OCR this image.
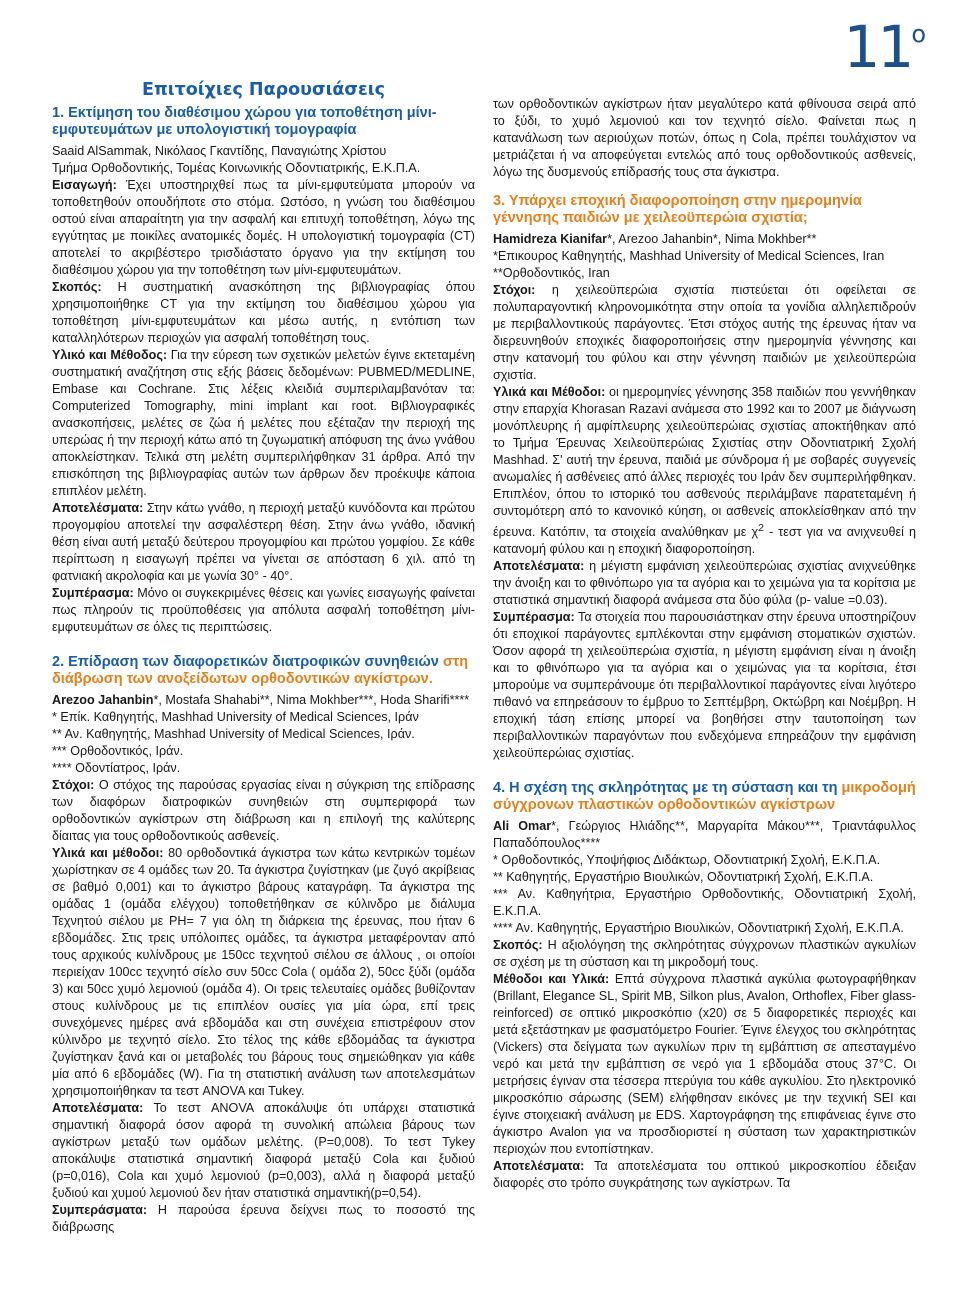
$11^o$
Επιτοίχιες Παρουσιάσεις
1. Εκτίμηση του διαθέσιμου χώρου για τοποθέτηση μίνι-εμφυτευμάτων με υπολογιστική τομογραφία

Saaid AlSammak, Νικόλαος Γκαντίδης, Παναγιώτης Χρίστου

Τμήμα Ορθοδοντικής, Τομέας Κοινωνικής Οδοντιατρικής, Ε.Κ.Π.Α.

Εισαγωγή: Έχει υποστηριχθεί πως τα μίνι-εμφυτεύματα μπορούν να τοποθετηθούν οπουδήποτε στο στόμα. Ωστόσο, η γνώση του διαθέσιμου οστού είναι απαραίτητη για την ασφαλή και επιτυχή τοποθέτηση, λόγω της εγγύτητας με ποικίλες ανατομικές δομές. Η υπολογιστική τομογραφία (CT) αποτελεί το ακριβέστερο τρισδιάστατο όργανο για την εκτίμηση του διαθέσιμου χώρου για την τοποθέτηση των μίνι-εμφυτευμάτων.

Σκοπός: Η συστηματική ανασκόπηση της βιβλιογραφίας όπου χρησιμοποιήθηκε CT για την εκτίμηση του διαθέσιμου χώρου για τοποθέτηση μίνι-εμφυτευμάτων και μέσω αυτής, η εντόπιση των καταλληλότερων περιοχών για ασφαλή τοποθέτηση τους.

Υλικό και Μέθοδος: Για την εύρεση των σχετικών μελετών έγινε εκτεταμένη συστηματική αναζήτηση στις εξής βάσεις δεδομένων: PUBMED/MEDLINE, Embase και Cochrane. Στις λέξεις κλειδιά συμπεριλαμβανόταν τα: Computerized Tomography, mini implant και root. Βιβλιογραφικές ανασκοπήσεις, μελέτες σε ζώα ή μελέτες που εξέταζαν την περιοχή της υπερώας ή την περιοχή κάτω από τη ζυγωματική απόφυση της άνω γνάθου αποκλείστηκαν. Τελικά στη μελέτη συμπεριλήφθηκαν 31 άρθρα. Από την επισκόπηση της βιβλιογραφίας αυτών των άρθρων δεν προέκυψε κάποια επιπλέον μελέτη.

Αποτελέσματα: Στην κάτω γνάθο, η περιοχή μεταξύ κυνόδοντα και πρώτου προγομφίου αποτελεί την ασφαλέστερη θέση. Στην άνω γνάθο, ιδανική θέση είναι αυτή μεταξύ δεύτερου προγομφίου και πρώτου γομφίου. Σε κάθε περίπτωση η εισαγωγή πρέπει να γίνεται σε απόσταση 6 χιλ. από τη φατνιακή ακρολοφία και με γωνία 30° - 40°.

Συμπέρασμα: Μόνο οι συγκεκριμένες θέσεις και γωνίες εισαγωγής φαίνεται πως πληρούν τις προϋποθέσεις για απόλυτα ασφαλή τοποθέτηση μίνι-εμφυτευμάτων σε όλες τις περιπτώσεις.

2. Επίδραση των διαφορετικών διατροφικών συνηθειών στη διάβρωση των ανοξείδωτων ορθοδοντικών αγκίστρων.

Arezoo Jahanbin*, Mostafa Shahabi**, Nima Mokhber***, Hoda Sharifi****

* Επίκ. Καθηγητής, Mashhad University of Medical Sciences, Ιράν

** Αν. Καθηγητής, Mashhad University of Medical Sciences, Ιράν.

*** Ορθοδοντικός, Ιράν.

**** Οδοντίατρος, Ιράν.

Στόχοι: Ο στόχος της παρούσας εργασίας είναι η σύγκριση της επίδρασης των διαφόρων διατροφικών συνηθειών στη συμπεριφορά των ορθοδοντικών αγκίστρων στη διάβρωση και η επιλογή της καλύτερης δίαιτας για τους ορθοδοντικούς ασθενείς.

Υλικά και μέθοδοι: 80 ορθοδοντικά άγκιστρα των κάτω κεντρικών τομέων χωρίστηκαν σε 4 ομάδες των 20. Τα άγκιστρα ζυγίστηκαν (με ζυγό ακρίβειας σε βαθμό 0,001) και το άγκιστρο βάρους καταγράφη. Τα άγκιστρα της ομάδας 1 (ομάδα ελέγχου) τοποθετήθηκαν σε κύλινδρο με διάλυμα Τεχνητού σιέλου με PH= 7 για όλη τη διάρκεια της έρευνας, που ήταν 6 εβδομάδες. Στις τρεις υπόλοιπες ομάδες, τα άγκιστρα μεταφέρονταν από τους αρχικούς κυλίνδρους με 150cc τεχνητού σιέλου σε άλλους , οι οποίοι περιείχαν 100cc τεχνητό σίελο συν 50cc Cola ( ομάδα 2), 50cc ξύδι (ομάδα 3) και 50cc χυμό λεμονιού (ομάδα 4). Οι τρεις τελευταίες ομάδες βυθίζονταν στους κυλίνδρους με τις επιπλέον ουσίες για μία ώρα, επί τρεις συνεχόμενες ημέρες ανά εβδομάδα και στη συνέχεια επιστρέφουν στον κύλινδρο με τεχνητό σίελο. Στο τέλος της κάθε εβδομάδας τα άγκιστρα ζυγίστηκαν ξανά και οι μεταβολές του βάρους τους σημειώθηκαν για κάθε μία από 6 εβδομάδες (W). Για τη στατιστική ανάλυση των αποτελεσμάτων χρησιμοποιήθηκαν τα τεστ ANOVA και Tukey.

Αποτελέσματα: Το τεστ ANOVA αποκάλυψε ότι υπάρχει στατιστικά σημαντική διαφορά όσον αφορά τη συνολική απώλεια βάρους των αγκίστρων μεταξύ των ομάδων μελέτης. (P=0,008). Το τεστ Tykey αποκάλυψε στατιστικά σημαντική διαφορά μεταξύ Cola και ξυδιού (p=0,016), Cola και χυμό λεμονιού (p=0,003), αλλά η διαφορά μεταξύ ξυδιού και χυμού λεμονιού δεν ήταν στατιστικά σημαντική(p=0,54).

Συμπεράσματα: Η παρούσα έρευνα δείχνει πως το ποσοστό της διάβρωσης

των ορθοδοντικών αγκίστρων ήταν μεγαλύτερο κατά φθίνουσα σειρά από το ξύδι, το χυμό λεμονιού και τον τεχνητό σίελο. Φαίνεται πως η κατανάλωση των αεριούχων ποτών, όπως η Cola, πρέπει τουλάχιστον να μετριάζεται ή να αποφεύγεται εντελώς από τους ορθοδοντικούς ασθενείς, λόγω της δυσμενούς επίδρασής τους στα άγκιστρα.

3. Υπάρχει εποχική διαφοροποίηση στην ημερομηνία γέννησης παιδιών με χειλεοϋπερώια σχιστία;

Hamidreza Kianifar*, Arezoo Jahanbin*, Nima Mokhber**

*Επικουρος Καθηγητής, Mashhad University of Medical Sciences, Iran

**Ορθοδοντικός, Iran

Στόχοι: η χειλεοϋπερώια σχιστία πιστεύεται ότι οφείλεται σε πολυπαραγοντική κληρονομικότητα στην οποία τα γονίδια αλληλεπιδρούν με περιβαλλοντικούς παράγοντες. Έτσι στόχος αυτής της έρευνας ήταν να διερευνηθούν εποχικές διαφοροποιήσεις στην ημερομηνία γέννησης και στην κατανομή του φύλου και στην γέννηση παιδιών με χειλεοϋπερώια σχιστία.

Υλικά και Μέθοδοι: οι ημερομηνίες γέννησης 358 παιδιών που γεννήθηκαν στην επαρχία Khorasan Razavi ανάμεσα στο 1992 και το 2007 με διάγνωση μονόπλευρης ή αμφίπλευρης χειλεοϋπερώιας σχιστίας αποκτήθηκαν από το Τμήμα Έρευνας Χειλεοϋπερώιας Σχιστίας στην Οδοντιατρική Σχολή Mashhad. Σ' αυτή την έρευνα, παιδιά με σύνδρομα ή με σοβαρές συγγενείς ανωμαλίες ή ασθένειες από άλλες περιοχές του Ιράν δεν συμπεριλήφθηκαν. Επιπλέον, όπου το ιστορικό του ασθενούς περιλάμβανε παρατεταμένη ή συντομότερη από το κανονικό κύηση, οι ασθενείς αποκλείσθηκαν από την έρευνα. Κατόπιν, τα στοιχεία αναλύθηκαν με $\chi^2$ - τεστ για να ανιχνευθεί η κατανομή φύλου και η εποχική διαφοροποίηση.

Αποτελέσματα: η μέγιστη εμφάνιση χειλεοϋπερώιας σχιστίας ανιχνεύθηκε την άνοιξη και το φθινόπωρο για τα αγόρια και το χειμώνα για τα κορίτσια με στατιστικά σημαντική διαφορά ανάμεσα στα δύο φύλα (p- value =0.03).

Συμπέρασμα: Τα στοιχεία που παρουσιάστηκαν στην έρευνα υποστηρίζουν ότι εποχικοί παράγοντες εμπλέκονται στην εμφάνιση στοματικών σχιστών. Όσον αφορά τη χειλεοϋπερώια σχιστία, η μέγιστη εμφάνιση είναι η άνοιξη και το φθινόπωρο για τα αγόρια και ο χειμώνας για τα κορίτσια, έτσι μπορούμε να συμπεράνουμε ότι περιβαλλοντικοί παράγοντες είναι λιγότερο πιθανό να επηρεάσουν το έμβρυο το Σεπτέμβρη, Οκτώβρη και Νοέμβρη. Η εποχική τάση επίσης μπορεί να βοηθήσει στην ταυτοποίηση των περιβαλλοντικών παραγόντων που ενδεχόμενα επηρεάζουν την εμφάνιση χειλεοϋπερώιας σχιστίας.

4. Η σχέση της σκληρότητας με τη σύσταση και τη μικροδομή σύγχρονων πλαστικών ορθοδοντικών αγκίστρων

Ali Omar*, Γεώργιος Ηλιάδης**, Μαργαρίτα Μάκου***, Τριαντάφυλλος Παπαδόπουλος****

* Ορθοδοντικός, Υποψήφιος Διδάκτωρ, Οδοντιατρική Σχολή, Ε.Κ.Π.Α.

** Καθηγητής, Εργαστήριο Βιουλικών, Οδοντιατρική Σχολή, Ε.Κ.Π.Α.

*** Αν. Καθηγήτρια, Εργαστήριο Ορθοδοντικής, Οδοντιατρική Σχολή, Ε.Κ.Π.Α.

**** Αν. Καθηγητής, Εργαστήριο Βιουλικών, Οδοντιατρική Σχολή, Ε.Κ.Π.Α.

Σκοπός: Η αξιολόγηση της σκληρότητας σύγχρονων πλαστικών αγκυλίων σε σχέση με τη σύσταση και τη μικροδομή τους.

Μέθοδοι και Υλικά: Επτά σύγχρονα πλαστικά αγκύλια φωτογραφήθηκαν (Brillant, Elegance SL, Spirit MB, Silkon plus, Avalon, Orthoflex, Fiber glass-reinforced) σε οπτικό μικροσκόπιο (x20) σε 5 διαφορετικές περιοχές και μετά εξετάστηκαν με φασματόμετρο Fourier. Έγινε έλεγχος του σκληρότητας (Vickers) στα δείγματα των αγκυλίων πριν τη εμβάπτιση σε απεσταγμένο νερό και μετά την εμβάπτιση σε νερό για 1 εβδομάδα στους 37°C. Οι μετρήσεις έγιναν στα τέσσερα πτερύγια του κάθε αγκυλίου. Στο ηλεκτρονικό μικροσκόπιο σάρωσης (SEM) ελήφθησαν εικόνες με την τεχνική SEI και έγινε στοιχειακή ανάλυση με EDS. Χαρτογράφηση της επιφάνειας έγινε στο άγκιστρο Avalon για να προσδιοριστεί η σύσταση των χαρακτηριστικών περιοχών που εντοπίστηκαν.

Αποτελέσματα: Τα αποτελέσματα του οπτικού μικροσκοπίου έδειξαν διαφορές στο τρόπο συγκράτησης των αγκίστρων. Τα
